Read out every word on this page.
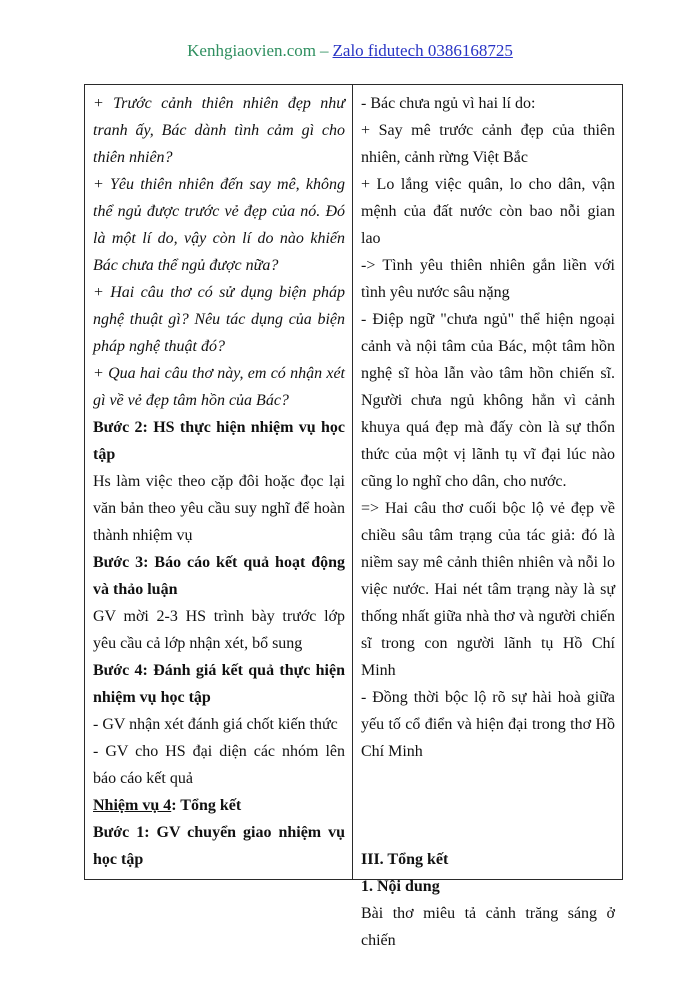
Kenhgiaovien.com – Zalo fidutech 0386168725
+ Trước cảnh thiên nhiên đẹp như tranh ấy, Bác dành tình cảm gì cho thiên nhiên?
+ Yêu thiên nhiên đến say mê, không thể ngủ được trước vẻ đẹp của nó. Đó là một lí do, vậy còn lí do nào khiến Bác chưa thể ngủ được nữa?
+ Hai câu thơ có sử dụng biện pháp nghệ thuật gì? Nêu tác dụng của biện pháp nghệ thuật đó?
+ Qua hai câu thơ này, em có nhận xét gì về vẻ đẹp tâm hồn của Bác?
Bước 2: HS thực hiện nhiệm vụ học tập
Hs làm việc theo cặp đôi hoặc đọc lại văn bản theo yêu cầu suy nghĩ để hoàn thành nhiệm vụ
Bước 3: Báo cáo kết quả hoạt động và thảo luận
GV mời 2-3 HS trình bày trước lớp yêu cầu cả lớp nhận xét, bổ sung
Bước 4: Đánh giá kết quả thực hiện nhiệm vụ học tập
- GV nhận xét đánh giá chốt kiến thức
- GV cho HS đại diện các nhóm lên báo cáo kết quả
Nhiệm vụ 4: Tổng kết
Bước 1: GV chuyển giao nhiệm vụ học tập
- Bác chưa ngủ vì hai lí do:
+ Say mê trước cảnh đẹp của thiên nhiên, cảnh rừng Việt Bắc
+ Lo lắng việc quân, lo cho dân, vận mệnh của đất nước còn bao nỗi gian lao
-> Tình yêu thiên nhiên gắn liền với tình yêu nước sâu nặng
- Điệp ngữ "chưa ngủ" thể hiện ngoại cảnh và nội tâm của Bác, một tâm hồn nghệ sĩ hòa lẫn vào tâm hồn chiến sĩ. Người chưa ngủ không hẳn vì cảnh khuya quá đẹp mà đấy còn là sự thổn thức của một vị lãnh tụ vĩ đại lúc nào cũng lo nghĩ cho dân, cho nước.
=> Hai câu thơ cuối bộc lộ vẻ đẹp về chiều sâu tâm trạng của tác giả: đó là niềm say mê cảnh thiên nhiên và nỗi lo việc nước. Hai nét tâm trạng này là sự thống nhất giữa nhà thơ và người chiến sĩ trong con người lãnh tụ Hồ Chí Minh
- Đồng thời bộc lộ rõ sự hài hoà giữa yếu tố cổ điển và hiện đại trong thơ Hồ Chí Minh
III. Tổng kết
1. Nội dung
Bài thơ miêu tả cảnh trăng sáng ở chiến
